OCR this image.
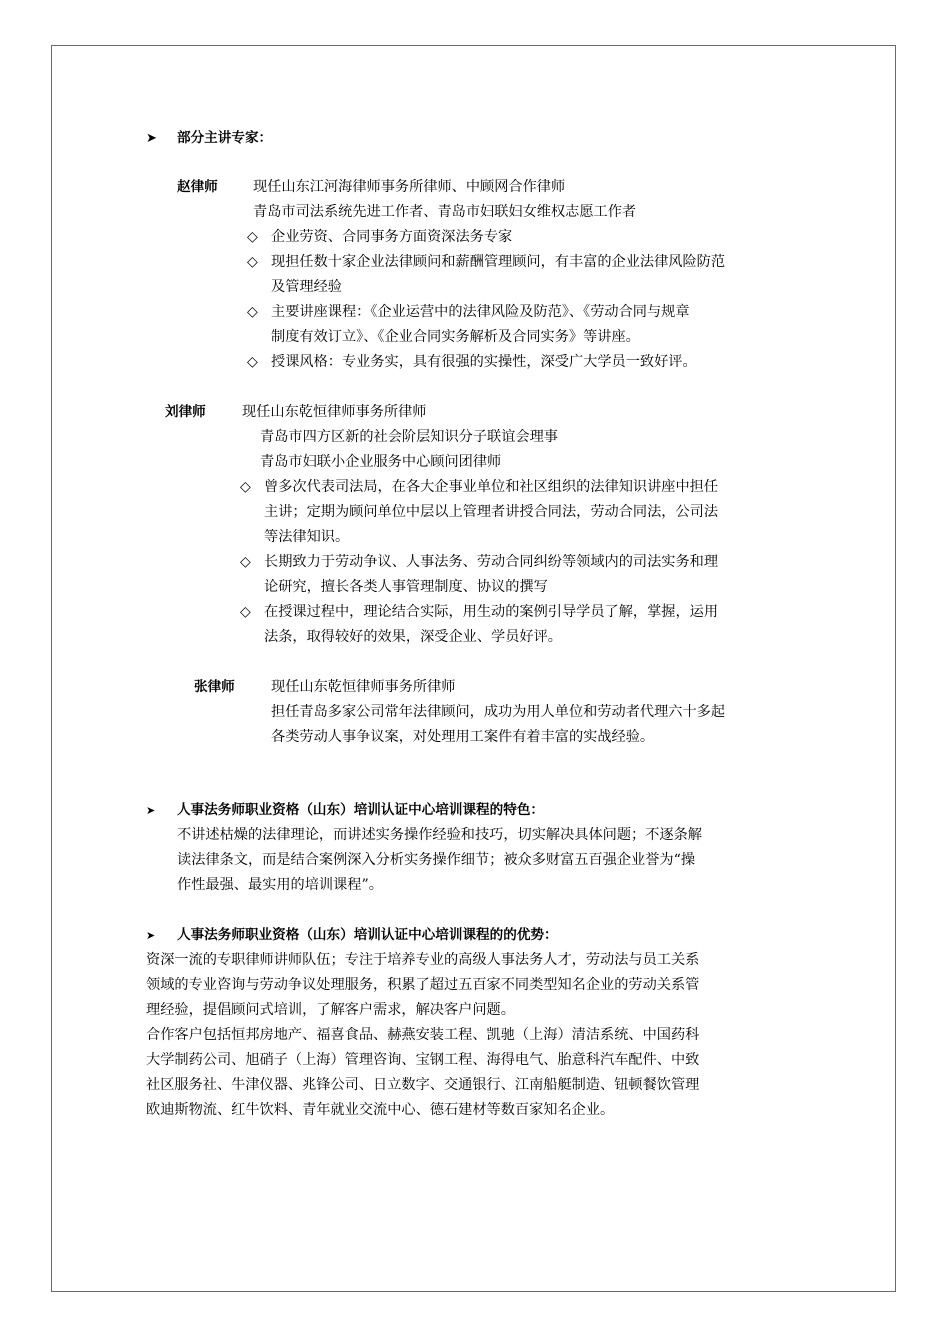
➤ 部分主讲专家：
赵律师 现任山东江河海律师事务所律师、中顾网合作律师
青岛市司法系统先进工作者、青岛市妇联妇女维权志愿工作者
◇ 企业劳资、合同事务方面资深法务专家
◇ 现担任数十家企业法律顾问和薪酬管理顾问，有丰富的企业法律风险防范
及管理经验
◇ 主要讲座课程：《企业运营中的法律风险及防范》、《劳动合同与规章
制度有效订立》、《企业合同实务解析及合同实务》等讲座。
◇ 授课风格：专业务实，具有很强的实操性，深受广大学员一致好评。
刘律师	现任山东乾恒律师事务所律师
青岛市四方区新的社会阶层知识分子联谊会理事
青岛市妇联小企业服务中心顾问团律师
◇ 曾多次代表司法局，在各大企事业单位和社区组织的法律知识讲座中担任
主讲；定期为顾问单位中层以上管理者讲授合同法，劳动合同法，公司法
等法律知识。
◇ 长期致力于劳动争议、人事法务、劳动合同纠纷等领域内的司法实务和理
论研究，擅长各类人事管理制度、协议的撰写
◇ 在授课过程中，理论结合实际，用生动的案例引导学员了解，掌握，运用
法条，取得较好的效果，深受企业、学员好评。
张律师	现任山东乾恒律师事务所律师
担任青岛多家公司常年法律顾问，成功为用人单位和劳动者代理六十多起
各类劳动人事争议案，对处理用工案件有着丰富的实战经验。
➤ 人事法务师职业资格（山东）培训认证中心培训课程的特色：
不讲述枯燥的法律理论，而讲述实务操作经验和技巧，切实解决具体问题；不逐条解
读法律条文，而是结合案例深入分析实务操作细节；被众多财富五百强企业誉为“操
作性最强、最实用的培训课程”。
➤ 人事法务师职业资格（山东）培训认证中心培训课程的的优势：
资深一流的专职律师讲师队伍；专注于培养专业的高级人事法务人才，劳动法与员工关系
领域的专业咨询与劳动争议处理服务，积累了超过五百家不同类型知名企业的劳动关系管
理经验，提倡顾问式培训，了解客户需求，解决客户问题。
合作客户包括恒邦房地产、福喜食品、赫燕安装工程、凯驰（上海）清洁系统、中国药科
大学制药公司、旭硝子（上海）管理咨询、宝钢工程、海得电气、胎意科汽车配件、中致
社区服务社、牛津仪器、兆锋公司、日立数字、交通银行、江南船艇制造、钮顿餐饮管理
欧迪斯物流、红牛饮料、青年就业交流中心、德石建材等数百家知名企业。
